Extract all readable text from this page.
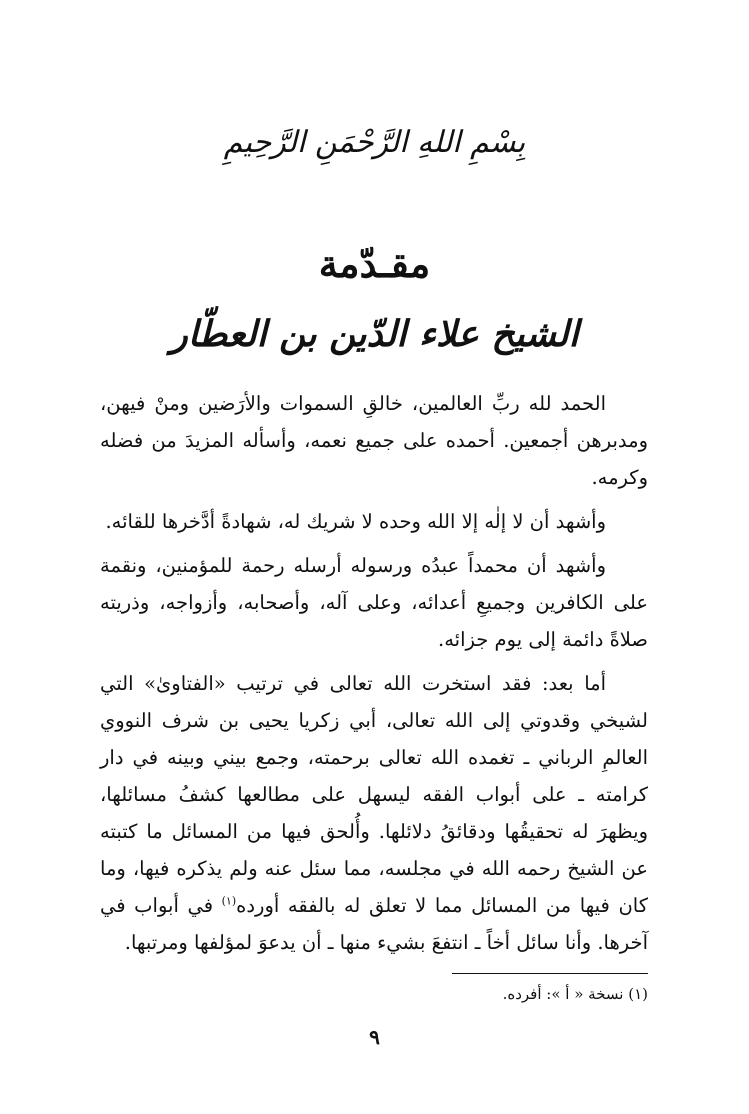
بِسْمِ اللهِ الرَّحْمَنِ الرَّحِيمِ
مقـدّمة
الشيخ علاء الدّين بن العطّار

الحمد لله ربِّ العالمين، خالقِ السموات والأرَضين ومنْ فيهن، ومدبرهن أجمعين. أحمده على جميع نعمه، وأسأله المزيدَ من فضله وكرمه.

وأشهد أن لا إلٰه إلا الله وحده لا شريك له، شهادةً أدَّخرها للقائه.

وأشهد أن محمداً عبدُه ورسوله أرسله رحمة للمؤمنين، ونقمة على الكافرين وجميعِ أعدائه، وعلى آله، وأصحابه، وأزواجه، وذريته صلاةً دائمة إلى يوم جزائه.

أما بعد: فقد استخرت الله تعالى في ترتيب «الفتاوىٰ» التي لشيخي وقدوتي إلى الله تعالى، أبي زكريا يحيى بن شرف النووي العالمِ الرباني ـ تغمده الله تعالى برحمته، وجمع بيني وبينه في دار كرامته ـ على أبواب الفقه ليسهل على مطالعها كشفُ مسائلها، ويظهرَ له تحقيقُها ودقائقُ دلائلها. وأُلحق فيها من المسائل ما كتبته عن الشيخ رحمه الله في مجلسه، مما سئل عنه ولم يذكره فيها، وما كان فيها من المسائل مما لا تعلق له بالفقه أورده$^{(١)}$ في أبواب في آخرها. وأنا سائل أخاً ـ انتفعَ بشيء منها ـ أن يدعوَ لمؤلفها ومرتبها.

(١) نسخة « أ »: أفرده.
٩
